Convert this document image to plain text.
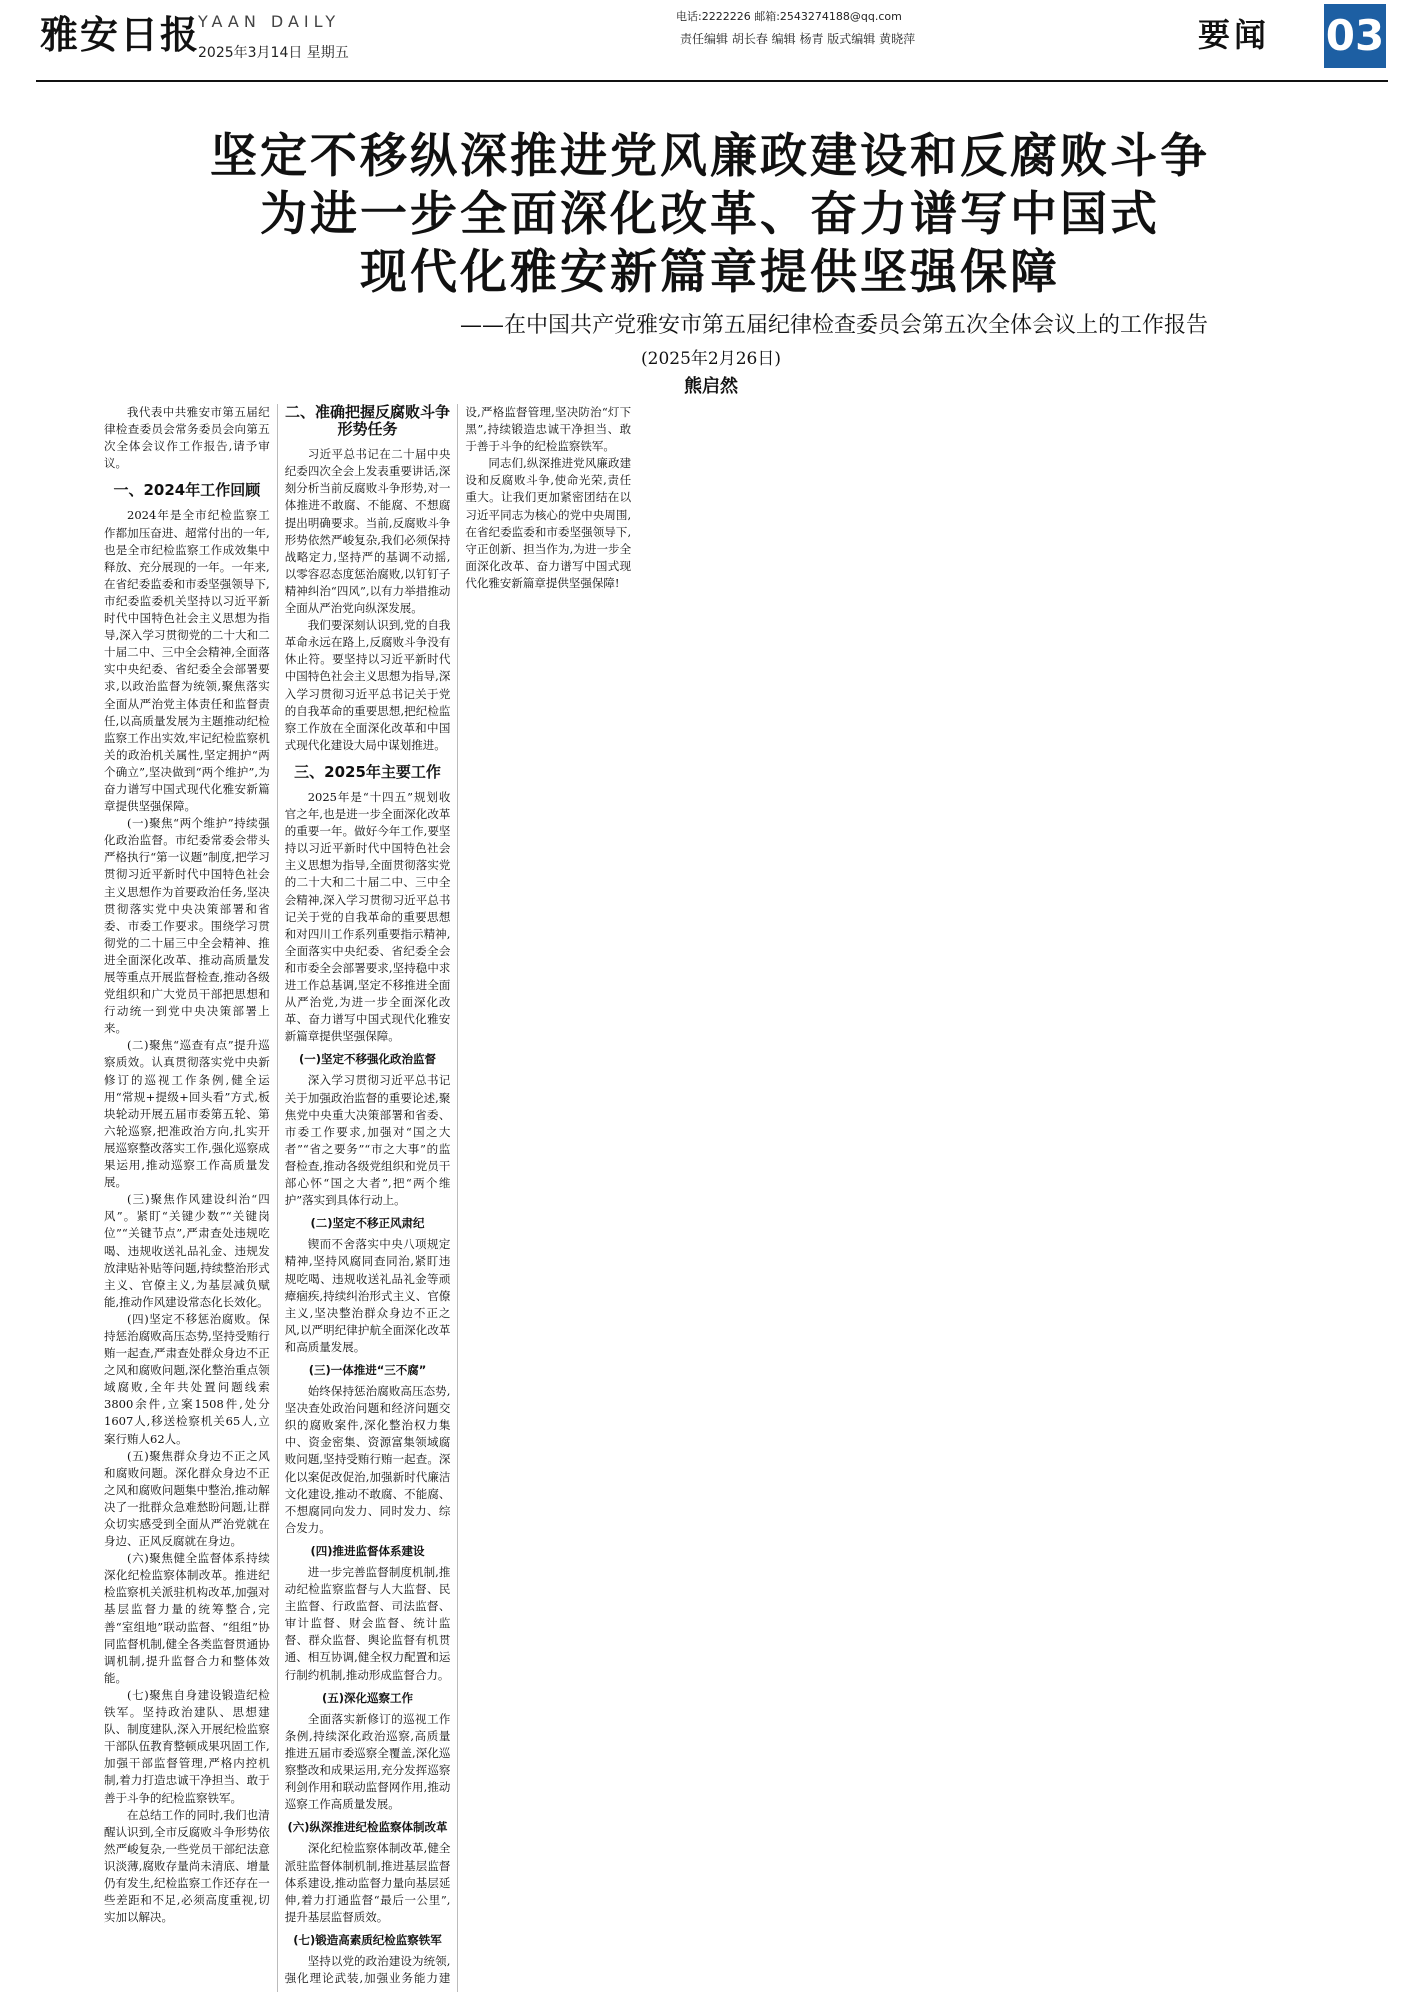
雅安日报
YAAN DAILY
2025年3月14日 星期五
电话:2222226 邮箱:2543274188@qq.com
责任编辑 胡长春 编辑 杨青 版式编辑 黄晓萍	要闻 03

坚定不移纵深推进党风廉政建设和反腐败斗争

为进一步全面深化改革、奋力谱写中国式

现代化雅安新篇章提供坚强保障

——在中国共产党雅安市第五届纪律检查委员会第五次全体会议上的工作报告
(2025年2月26日)
熊启然

我代表中共雅安市第五届纪律检查委员会常务委员会向第五次全体会议作工作报告,请予审议。

一、2024年工作回顾

2024年是全市纪检监察工作都加压奋进、超常付出的一年,也是全市纪检监察工作成效集中释放、充分展现的一年。一年来,在省纪委监委和市委坚强领导下,市纪委监委机关坚持以习近平新时代中国特色社会主义思想为指导,深入学习贯彻党的二十大和二十届二中、三中全会精神,全面落实中央纪委、省纪委全会部署要求,以政治监督为统领,聚焦落实全面从严治党主体责任和监督责任,以高质量发展为主题推动纪检监察工作出实效,牢记纪检监察机关的政治机关属性,坚定拥护“两个确立”,坚决做到“两个维护”,为奋力谱写中国式现代化雅安新篇章提供坚强保障。

(一)聚焦“两个维护”持续强化政治监督。市纪委常委会带头严格执行“第一议题”制度,把学习贯彻习近平新时代中国特色社会主义思想作为首要政治任务,坚决贯彻落实党中央决策部署和省委、市委工作要求。围绕学习贯彻党的二十届三中全会精神、推进全面深化改革、推动高质量发展等重点开展监督检查,推动各级党组织和广大党员干部把思想和行动统一到党中央决策部署上来。

(二)聚焦“巡查有点”提升巡察质效。认真贯彻落实党中央新修订的巡视工作条例,健全运用“常规+提级+回头看”方式,板块轮动开展五届市委第五轮、第六轮巡察,把准政治方向,扎实开展巡察整改落实工作,强化巡察成果运用,推动巡察工作高质量发展。

(三)聚焦作风建设纠治“四风”。紧盯“关键少数”“关键岗位”“关键节点”,严肃查处违规吃喝、违规收送礼品礼金、违规发放津贴补贴等问题,持续整治形式主义、官僚主义,为基层减负赋能,推动作风建设常态化长效化。

(四)坚定不移惩治腐败。保持惩治腐败高压态势,坚持受贿行贿一起查,严肃查处群众身边不正之风和腐败问题,深化整治重点领域腐败,全年共处置问题线索3800余件,立案1508件,处分1607人,移送检察机关65人,立案行贿人62人。

(五)聚焦群众身边不正之风和腐败问题。深化群众身边不正之风和腐败问题集中整治,推动解决了一批群众急难愁盼问题,让群众切实感受到全面从严治党就在身边、正风反腐就在身边。

(六)聚焦健全监督体系持续深化纪检监察体制改革。推进纪检监察机关派驻机构改革,加强对基层监督力量的统筹整合,完善“室组地”联动监督、“组组”协同监督机制,健全各类监督贯通协调机制,提升监督合力和整体效能。

(七)聚焦自身建设锻造纪检铁军。坚持政治建队、思想建队、制度建队,深入开展纪检监察干部队伍教育整顿成果巩固工作,加强干部监督管理,严格内控机制,着力打造忠诚干净担当、敢于善于斗争的纪检监察铁军。

在总结工作的同时,我们也清醒认识到,全市反腐败斗争形势依然严峻复杂,一些党员干部纪法意识淡薄,腐败存量尚未清底、增量仍有发生,纪检监察工作还存在一些差距和不足,必须高度重视,切实加以解决。

二、准确把握反腐败斗争形势任务

习近平总书记在二十届中央纪委四次全会上发表重要讲话,深刻分析当前反腐败斗争形势,对一体推进不敢腐、不能腐、不想腐提出明确要求。当前,反腐败斗争形势依然严峻复杂,我们必须保持战略定力,坚持严的基调不动摇,以零容忍态度惩治腐败,以钉钉子精神纠治“四风”,以有力举措推动全面从严治党向纵深发展。

我们要深刻认识到,党的自我革命永远在路上,反腐败斗争没有休止符。要坚持以习近平新时代中国特色社会主义思想为指导,深入学习贯彻习近平总书记关于党的自我革命的重要思想,把纪检监察工作放在全面深化改革和中国式现代化建设大局中谋划推进。

三、2025年主要工作

2025年是“十四五”规划收官之年,也是进一步全面深化改革的重要一年。做好今年工作,要坚持以习近平新时代中国特色社会主义思想为指导,全面贯彻落实党的二十大和二十届二中、三中全会精神,深入学习贯彻习近平总书记关于党的自我革命的重要思想和对四川工作系列重要指示精神,全面落实中央纪委、省纪委全会和市委全会部署要求,坚持稳中求进工作总基调,坚定不移推进全面从严治党,为进一步全面深化改革、奋力谱写中国式现代化雅安新篇章提供坚强保障。

(一)坚定不移强化政治监督

深入学习贯彻习近平总书记关于加强政治监督的重要论述,聚焦党中央重大决策部署和省委、市委工作要求,加强对“国之大者”“省之要务”“市之大事”的监督检查,推动各级党组织和党员干部心怀“国之大者”,把“两个维护”落实到具体行动上。

(二)坚定不移正风肃纪

锲而不舍落实中央八项规定精神,坚持风腐同查同治,紧盯违规吃喝、违规收送礼品礼金等顽瘴痼疾,持续纠治形式主义、官僚主义,坚决整治群众身边不正之风,以严明纪律护航全面深化改革和高质量发展。

(三)一体推进“三不腐”

始终保持惩治腐败高压态势,坚决查处政治问题和经济问题交织的腐败案件,深化整治权力集中、资金密集、资源富集领域腐败问题,坚持受贿行贿一起查。深化以案促改促治,加强新时代廉洁文化建设,推动不敢腐、不能腐、不想腐同向发力、同时发力、综合发力。

(四)推进监督体系建设

进一步完善监督制度机制,推动纪检监察监督与人大监督、民主监督、行政监督、司法监督、审计监督、财会监督、统计监督、群众监督、舆论监督有机贯通、相互协调,健全权力配置和运行制约机制,推动形成监督合力。

(五)深化巡察工作

全面落实新修订的巡视工作条例,持续深化政治巡察,高质量推进五届市委巡察全覆盖,深化巡察整改和成果运用,充分发挥巡察利剑作用和联动监督网作用,推动巡察工作高质量发展。

(六)纵深推进纪检监察体制改革

深化纪检监察体制改革,健全派驻监督体制机制,推进基层监督体系建设,推动监督力量向基层延伸,着力打通监督“最后一公里”,提升基层监督质效。

(七)锻造高素质纪检监察铁军

坚持以党的政治建设为统领,强化理论武装,加强业务能力建设,严格监督管理,坚决防治“灯下黑”,持续锻造忠诚干净担当、敢于善于斗争的纪检监察铁军。

同志们,纵深推进党风廉政建设和反腐败斗争,使命光荣,责任重大。让我们更加紧密团结在以习近平同志为核心的党中央周围,在省纪委监委和市委坚强领导下,守正创新、担当作为,为进一步全面深化改革、奋力谱写中国式现代化雅安新篇章提供坚强保障!
